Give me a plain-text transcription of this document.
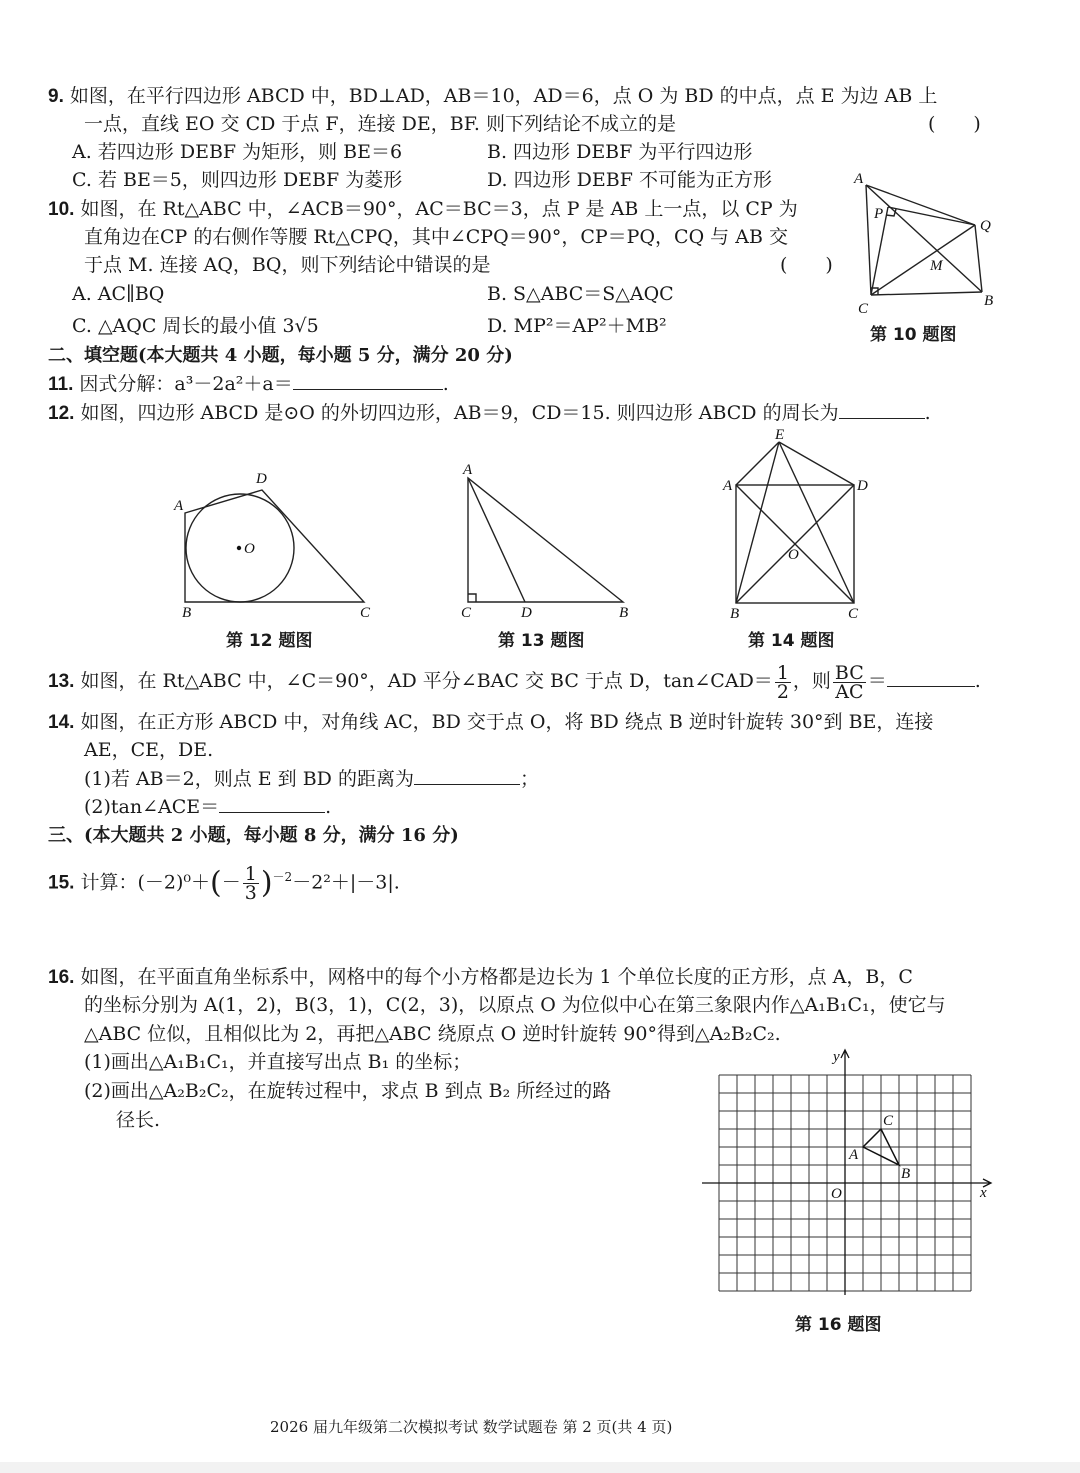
9. 如图，在平行四边形 ABCD 中，BD⊥AD，AB＝10，AD＝6，点 O 为 BD 的中点，点 E 为边 AB 上
一点，直线 EO 交 CD 于点 F，连接 DE，BF. 则下列结论不成立的是	(　　)
A. 若四边形 DEBF 为矩形，则 BE＝6	B. 四边形 DEBF 为平行四边形
C. 若 BE＝5，则四边形 DEBF 为菱形	D. 四边形 DEBF 不可能为正方形
10. 如图，在 Rt△ABC 中，∠ACB＝90°，AC＝BC＝3，点 P 是 AB 上一点，以 CP 为
直角边在CP 的右侧作等腰 Rt△CPQ，其中∠CPQ＝90°，CP＝PQ，CQ 与 AB 交
于点 M. 连接 AQ，BQ，则下列结论中错误的是	(　　)
A. AC∥BQ	B. S△ABC＝S△AQC
C. △AQC 周长的最小值 3√5	D. MP²＝AP²＋MB²
A
P
Q
M
C	B
第 10 题图
二、填空题(本大题共 4 小题，每小题 5 分，满分 20 分)
11. 因式分解：a³－2a²＋a＝	.
12. 如图，四边形 ABCD 是⊙O 的外切四边形，AB＝9，CD＝15. 则四边形 ABCD 的周长为	.
A
D
O
B	C
第 12 题图
A
C	D	B
第 13 题图
E
A	D
O
B	C
第 14 题图
13. 如图，在 Rt△ABC 中，∠C＝90°，AD 平分∠BAC 交 BC 于点 D，tan∠CAD＝ $\frac{1}{2}$ ，则 $\frac{BC}{AC}$ ＝	.
14. 如图，在正方形 ABCD 中，对角线 AC，BD 交于点 O，将 BD 绕点 B 逆时针旋转 30°到 BE，连接
AE，CE，DE.
(1)若 AB＝2，则点 E 到 BD 的距离为	；
(2)tan∠ACE＝	.
三、(本大题共 2 小题，每小题 8 分，满分 16 分)
15. 计算：$(-2)^0+(- \frac{1}{3} )^{-2}-2^2+|-3|$.
16. 如图，在平面直角坐标系中，网格中的每个小方格都是边长为 1 个单位长度的正方形，点 A，B，C
的坐标分别为 A(1，2)，B(3，1)，C(2，3)，以原点 O 为位似中心在第三象限内作△A₁B₁C₁，使它与
△ABC 位似，且相似比为 2，再把△ABC 绕原点 O 逆时针旋转 90°得到△A₂B₂C₂.
(1)画出△A₁B₁C₁，并直接写出点 B₁ 的坐标；
(2)画出△A₂B₂C₂，在旋转过程中，求点 B 到点 B₂ 所经过的路
径长.
y
x
O
A
B
C
第 16 题图
2026 届九年级第二次模拟考试 数学试题卷 第 2 页(共 4 页)
